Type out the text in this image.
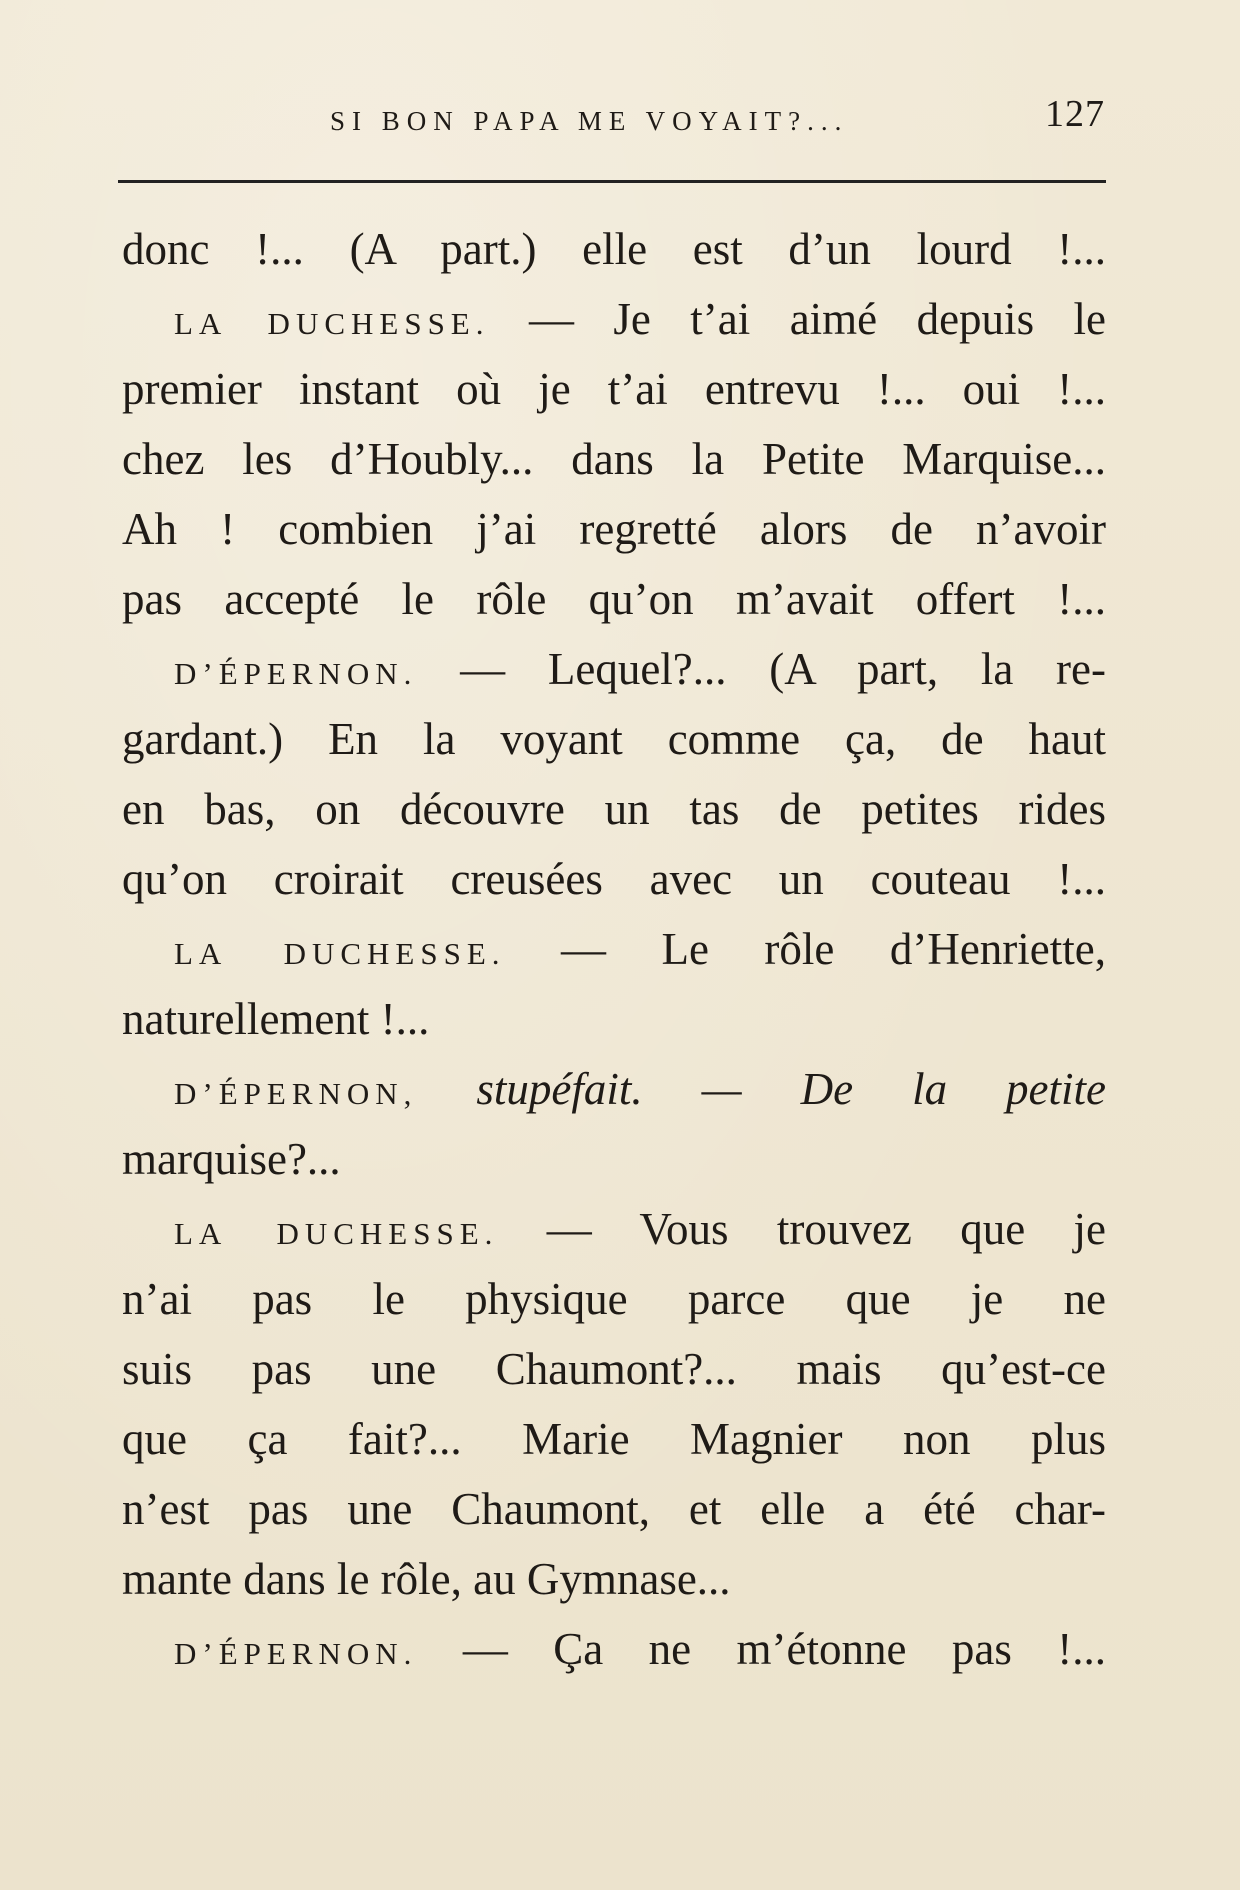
SI BON PAPA ME VOYAIT?...	127
donc !... (A part.) elle est d’un lourd !...
LA DUCHESSE. — Je t’ai aimé depuis le
premier instant où je t’ai entrevu !... oui !...
chez les d’Houbly... dans la Petite Marquise...
Ah ! combien j’ai regretté alors de n’avoir
pas accepté le rôle qu’on m’avait offert !...
D’ÉPERNON. — Lequel?... (A part, la re-
gardant.) En la voyant comme ça, de haut
en bas, on découvre un tas de petites rides
qu’on croirait creusées avec un couteau !...
LA DUCHESSE. — Le rôle d’Henriette,
naturellement !...
D’ÉPERNON, stupéfait. — De la petite
marquise?...
LA DUCHESSE. — Vous trouvez que je
n’ai pas le physique parce que je ne
suis pas une Chaumont?... mais qu’est-ce
que ça fait?... Marie Magnier non plus
n’est pas une Chaumont, et elle a été char-
mante dans le rôle, au Gymnase...
D’ÉPERNON. — Ça ne m’étonne pas !...
